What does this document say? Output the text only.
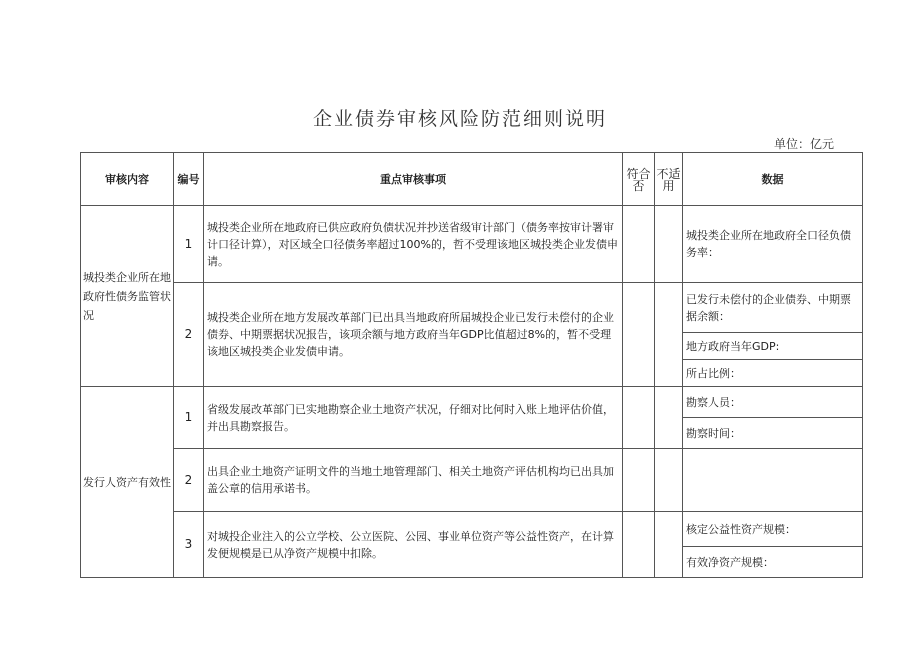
企业债券审核风险防范细则说明
单位：亿元
审核内容	编号	重点审核事项	符合否	不适用	数据
城投类企业所在地政府性债务监管状况	1	城投类企业所在地政府已供应政府负债状况并抄送省级审计部门（债务率按审计署审计口径计算），对区域全口径债务率超过100%的，哲不受理该地区城投类企业发债申请。			城投类企业所在地政府全口径负债务率：
	2	城投类企业所在地方发展改革部门已出具当地政府所届城投企业已发行未偿付的企业债券、中期票据状况报告，该项余额与地方政府当年GDP比值超过8%的，暂不受理该地区城投类企业发债申请。			已发行未偿付的企业债券、中期票据余额：
					地方政府当年GDP:
					所占比例：
发行人资产有效性	1	省级发展改革部门已实地勘察企业土地资产状况，仔细对比何时入账上地评估价值，并出具勘察报告。			勘察人员：
					勘察时间：
	2	出具企业土地资产证明文件的当地土地管理部门、相关土地资产评估机构均已出具加盖公章的信用承诺书。			
	3	对城投企业注入的公立学校、公立医院、公园、事业单位资产等公益性资产，在计算发便规模是已从净资产规模中扣除。			核定公益性资产规模：
					有效净资产规模：
